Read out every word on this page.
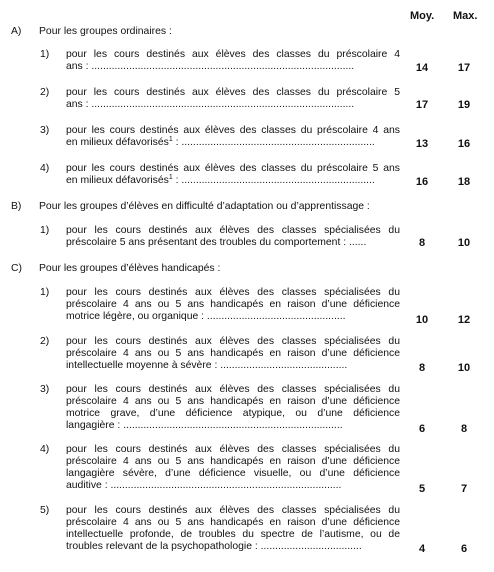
Moy. Max.
A) Pour les groupes ordinaires :
1) pour les cours destinés aux élèves des classes du préscolaire 4
ans : ...........................................................................................	14	17
2) pour les cours destinés aux élèves des classes du préscolaire 5
ans : ...........................................................................................	17	19
3) pour les cours destinés aux élèves des classes du préscolaire 4 ans
en milieux défavorisés$^1$ : ...................................................................	13	16
4) pour les cours destinés aux élèves des classes du préscolaire 5 ans
en milieux défavorisés$^1$ : ...................................................................	16	18
B) Pour les groupes d’élèves en difficulté d’adaptation ou d’apprentissage :
1) pour les cours destinés aux élèves des classes spécialisées du
préscolaire 5 ans présentant des troubles du comportement : ......	8	10
C) Pour les groupes d’élèves handicapés :
1) pour les cours destinés aux élèves des classes spécialisées du
préscolaire 4 ans ou 5 ans handicapés en raison d’une déficience
motrice légère, ou organique : ................................................	10	12
2) pour les cours destinés aux élèves des classes spécialisées du
préscolaire 4 ans ou 5 ans handicapés en raison d’une déficience
intellectuelle moyenne à sévère : ............................................	8	10
3) pour les cours destinés aux élèves des classes spécialisées du
préscolaire 4 ans ou 5 ans handicapés en raison d’une déficience
motrice grave, d’une déficience atypique, ou d’une déficience
langagière : ............................................................................	6	8
4) pour les cours destinés aux élèves des classes spécialisées du
préscolaire 4 ans ou 5 ans handicapés en raison d’une déficience
langagière sévère, d’une déficience visuelle, ou d’une déficience
auditive : ................................................................................	5	7
5) pour les cours destinés aux élèves des classes spécialisées du
préscolaire 4 ans ou 5 ans handicapés en raison d’une déficience
intellectuelle profonde, de troubles du spectre de l’autisme, ou de
troubles relevant de la psychopathologie : ...................................	4	6
